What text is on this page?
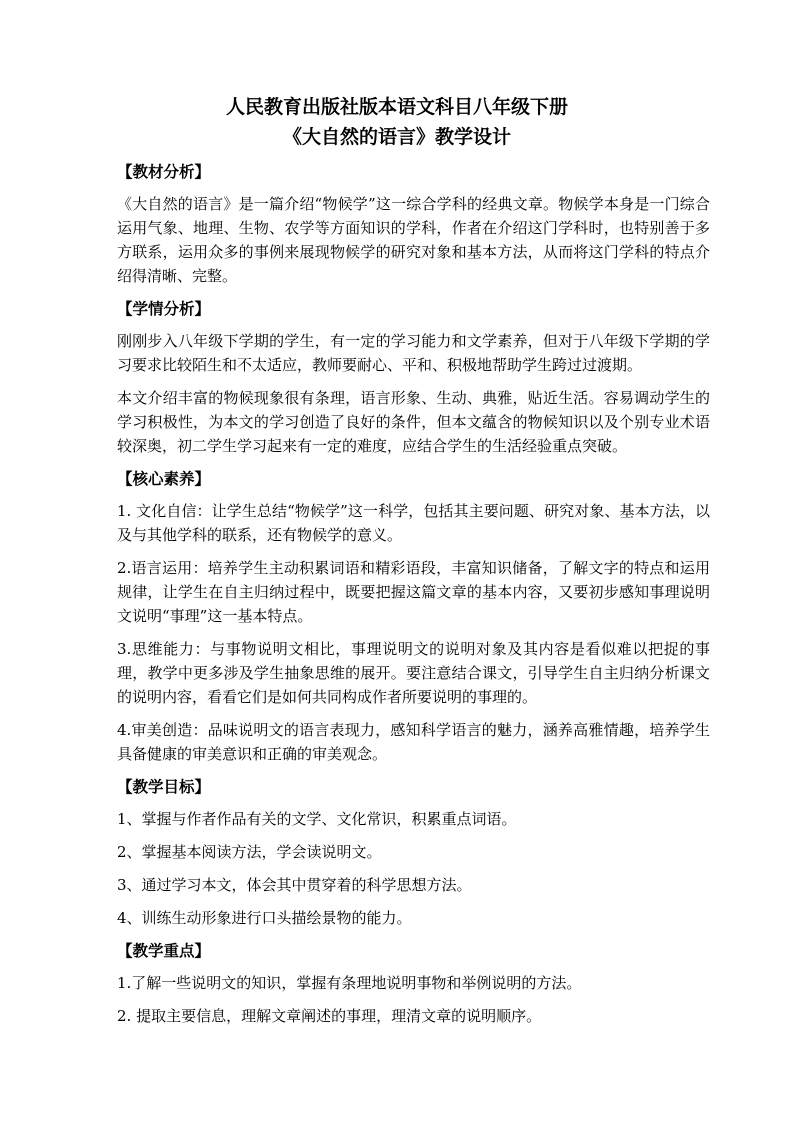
人民教育出版社版本语文科目八年级下册

《大自然的语言》教学设计

【教材分析】

《大自然的语言》是一篇介绍“物候学”这一综合学科的经典文章。物候学本身是一门综合运用气象、地理、生物、农学等方面知识的学科，作者在介绍这门学科时，也特别善于多方联系，运用众多的事例来展现物候学的研究对象和基本方法，从而将这门学科的特点介绍得清晰、完整。

【学情分析】

刚刚步入八年级下学期的学生，有一定的学习能力和文学素养，但对于八年级下学期的学习要求比较陌生和不太适应，教师要耐心、平和、积极地帮助学生跨过过渡期。

本文介绍丰富的物候现象很有条理，语言形象、生动、典雅，贴近生活。容易调动学生的学习积极性，为本文的学习创造了良好的条件，但本文蕴含的物候知识以及个别专业术语较深奥，初二学生学习起来有一定的难度，应结合学生的生活经验重点突破。

【核心素养】

1. 文化自信：让学生总结“物候学”这一科学，包括其主要问题、研究对象、基本方法，以及与其他学科的联系，还有物候学的意义。

2.语言运用：培养学生主动积累词语和精彩语段，丰富知识储备，了解文字的特点和运用规律，让学生在自主归纳过程中，既要把握这篇文章的基本内容，又要初步感知事理说明文说明“事理”这一基本特点。

3.思维能力：与事物说明文相比，事理说明文的说明对象及其内容是看似难以把捉的事理，教学中更多涉及学生抽象思维的展开。要注意结合课文，引导学生自主归纳分析课文的说明内容，看看它们是如何共同构成作者所要说明的事理的。

4.审美创造：品味说明文的语言表现力，感知科学语言的魅力，涵养高雅情趣，培养学生具备健康的审美意识和正确的审美观念。

【教学目标】

1、掌握与作者作品有关的文学、文化常识，积累重点词语。

2、掌握基本阅读方法，学会读说明文。

3、通过学习本文，体会其中贯穿着的科学思想方法。

4、训练生动形象进行口头描绘景物的能力。

【教学重点】

1.了解一些说明文的知识，掌握有条理地说明事物和举例说明的方法。

2. 提取主要信息，理解文章阐述的事理，理清文章的说明顺序。
